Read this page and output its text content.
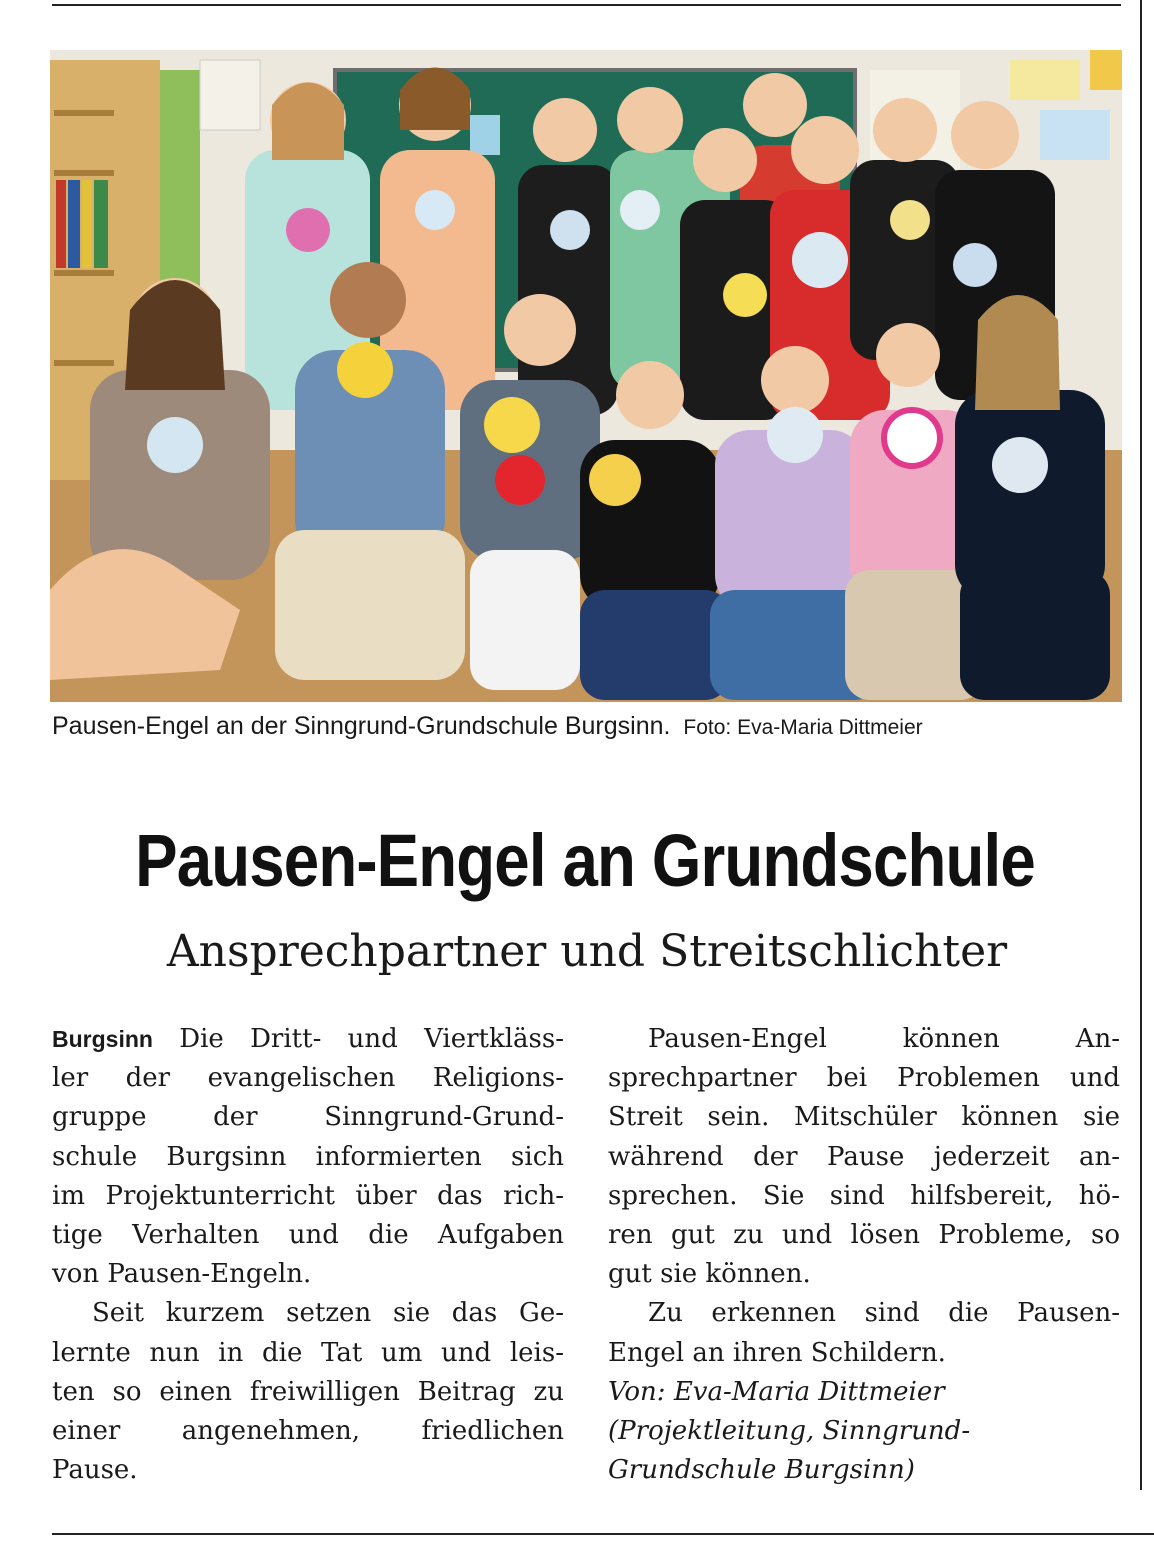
Pausen-Engel an der Sinngrund-Grundschule Burgsinn. Foto: Eva-Maria Dittmeier
Pausen-Engel an Grundschule
Ansprechpartner und Streitschlichter
Burgsinn Die Dritt- und Viertkläss-
ler der evangelischen Religions-
gruppe der Sinngrund-Grund-
schule Burgsinn informierten sich
im Projektunterricht über das rich-
tige Verhalten und die Aufgaben
von Pausen-Engeln.
Seit kurzem setzen sie das Ge-
lernte nun in die Tat um und leis-
ten so einen freiwilligen Beitrag zu
einer angenehmen, friedlichen
Pause.
Pausen-Engel können An-
sprechpartner bei Problemen und
Streit sein. Mitschüler können sie
während der Pause jederzeit an-
sprechen. Sie sind hilfsbereit, hö-
ren gut zu und lösen Probleme, so
gut sie können.
Zu erkennen sind die Pausen-
Engel an ihren Schildern.
Von: Eva-Maria Dittmeier
(Projektleitung, Sinngrund-
Grundschule Burgsinn)
